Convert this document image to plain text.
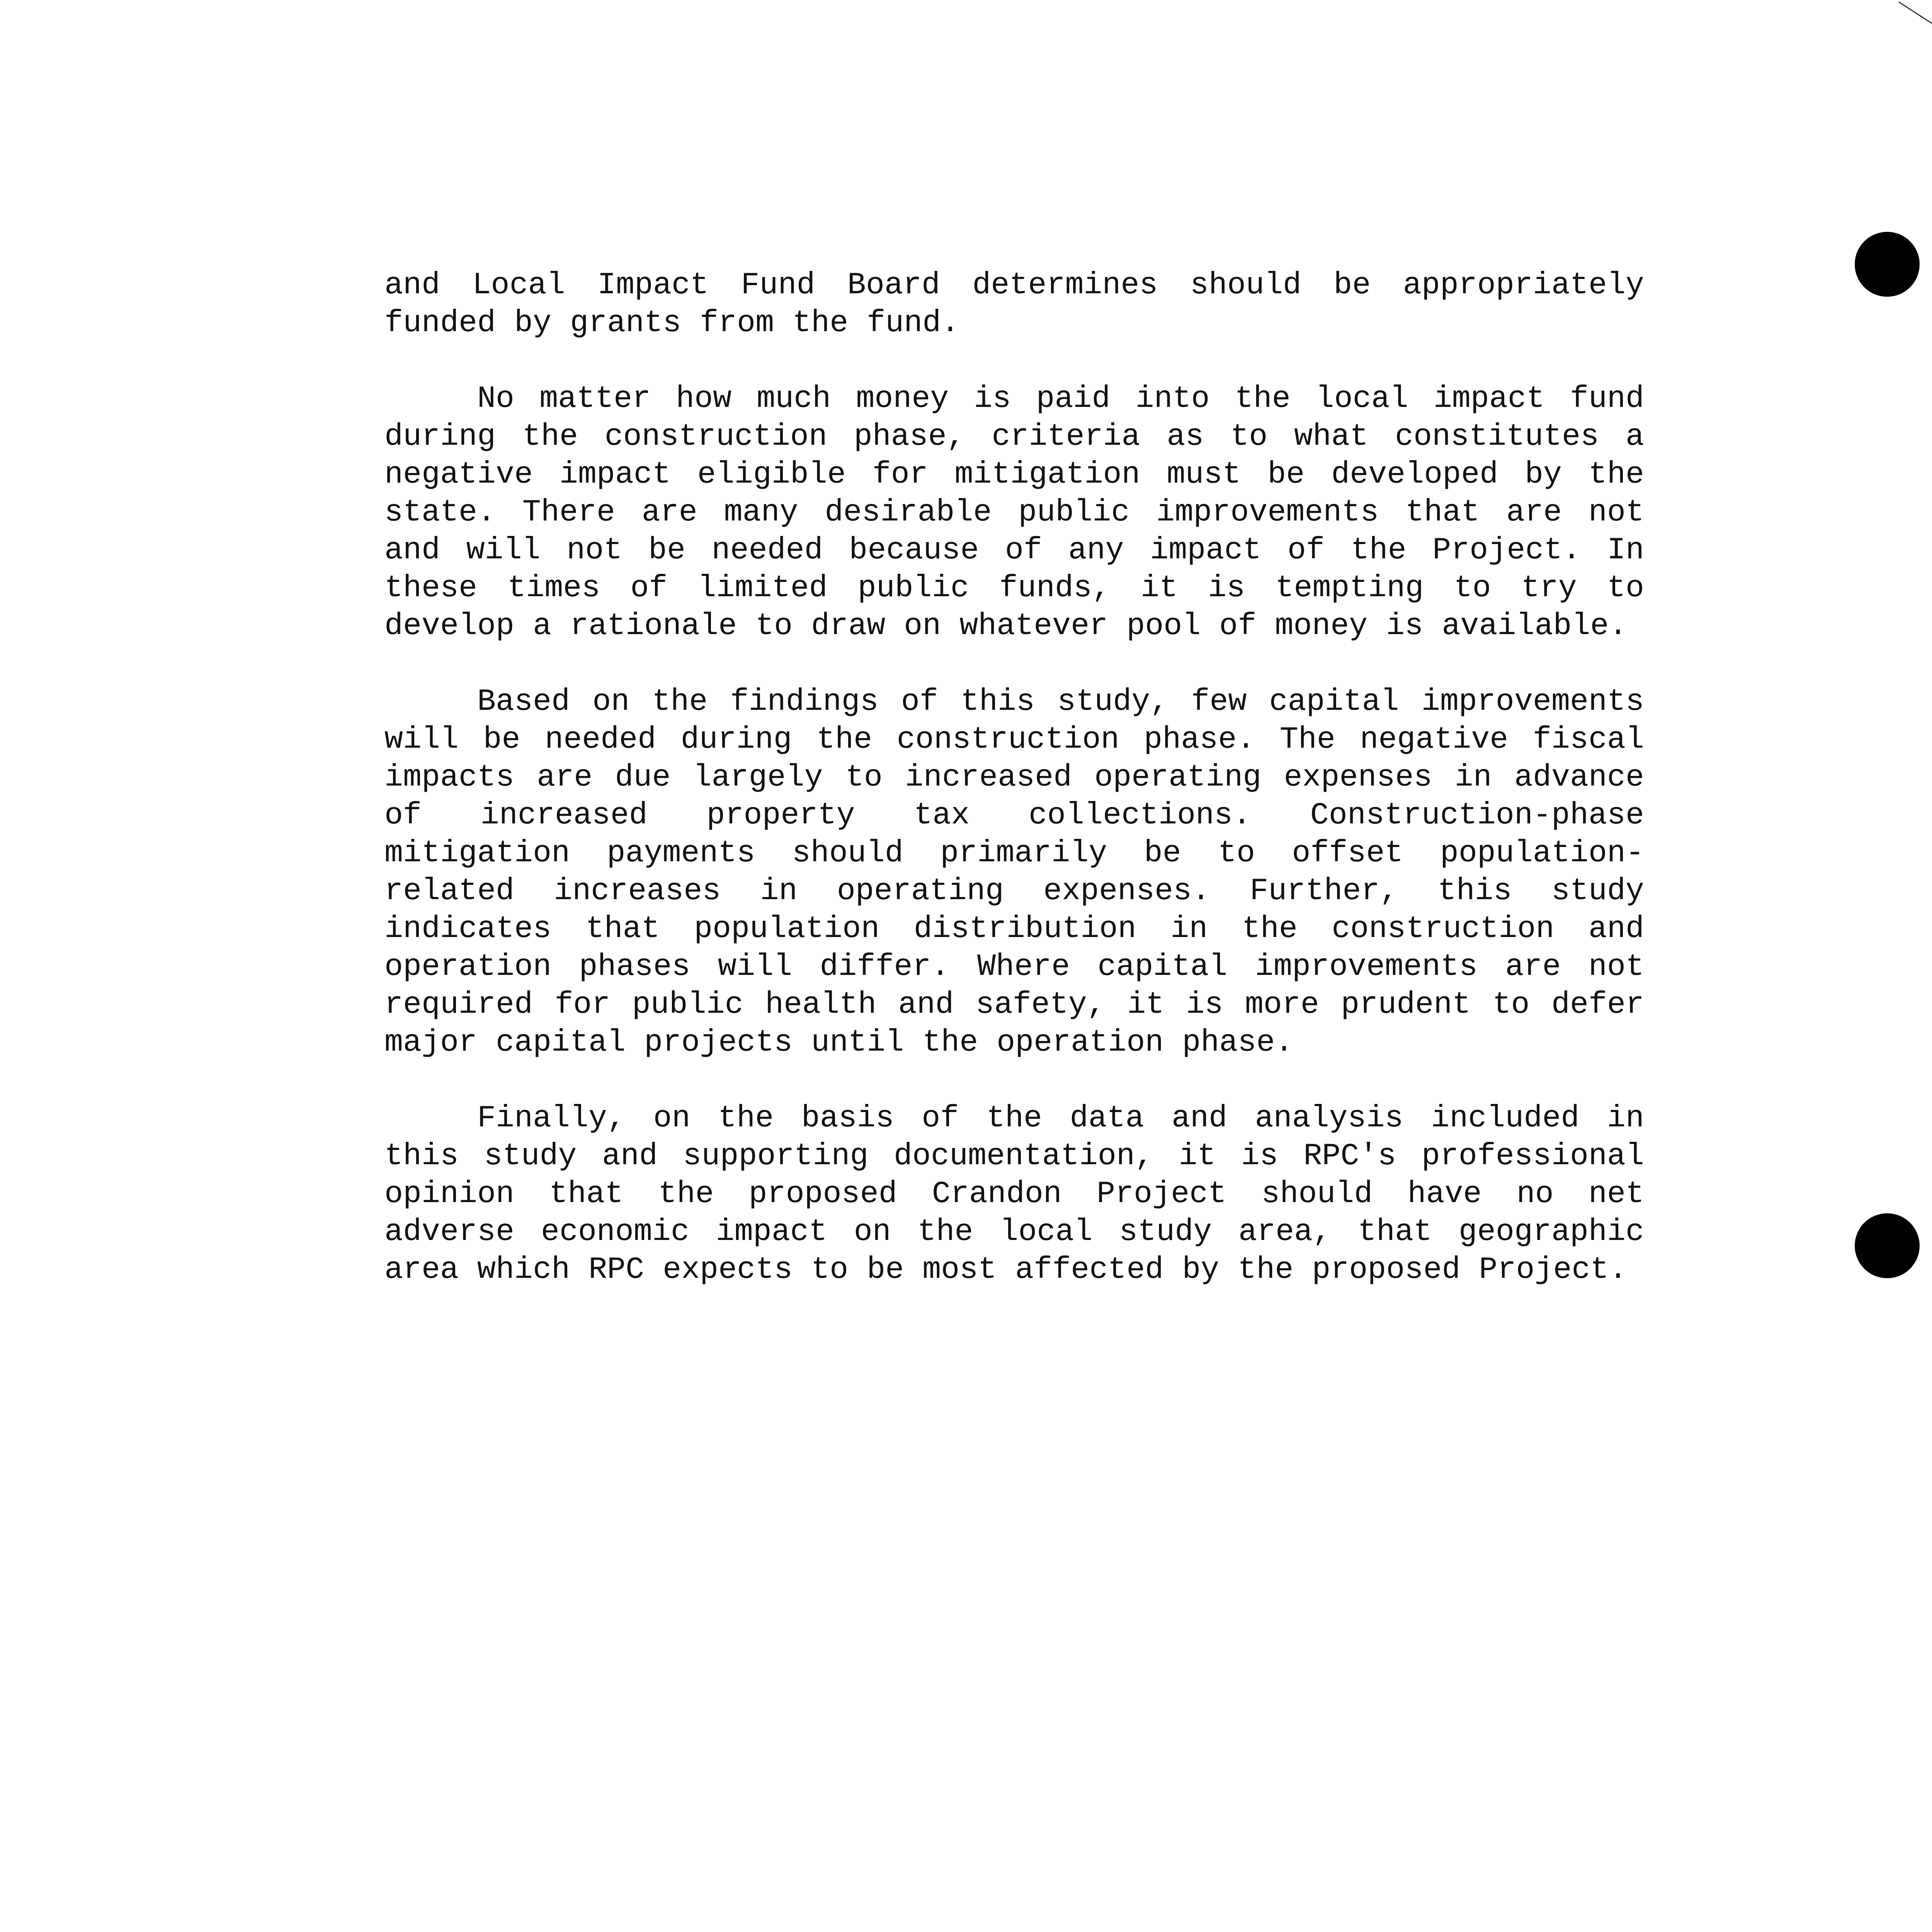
and Local Impact Fund Board determines should be appropriately funded by grants from the fund.

No matter how much money is paid into the local impact fund during the construction phase, criteria as to what constitutes a negative impact eligible for mitigation must be developed by the state. There are many desirable public improvements that are not and will not be needed because of any impact of the Project. In these times of limited public funds, it is tempting to try to develop a rationale to draw on whatever pool of money is available.

Based on the findings of this study, few capital improvements will be needed during the construction phase. The negative fiscal impacts are due largely to increased operating expenses in advance of increased property tax collections. Construction-phase mitigation payments should primarily be to offset population-related increases in operating expenses. Further, this study indicates that population distribution in the construction and operation phases will differ. Where capital improvements are not required for public health and safety, it is more prudent to defer major capital projects until the operation phase.

Finally, on the basis of the data and analysis included in this study and supporting documentation, it is RPC's professional opinion that the proposed Crandon Project should have no net adverse economic impact on the local study area, that geographic area which RPC expects to be most affected by the proposed Project.
